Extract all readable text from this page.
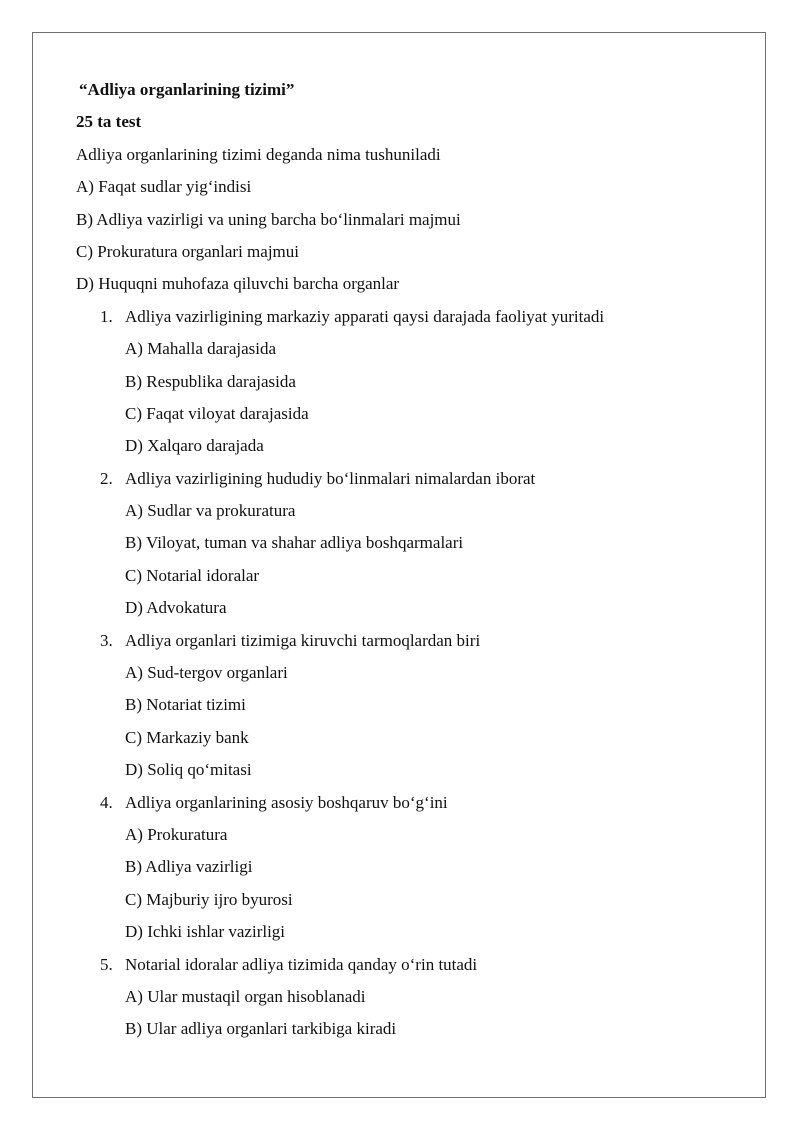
“Adliya organlarining tizimi”
25 ta test
Adliya organlarining tizimi deganda nima tushuniladi
A) Faqat sudlar yig‘indisi
B) Adliya vazirligi va uning barcha bo‘linmalari majmui
C) Prokuratura organlari majmui
D) Huquqni muhofaza qiluvchi barcha organlar
1. Adliya vazirligining markaziy apparati qaysi darajada faoliyat yuritadi
A) Mahalla darajasida
B) Respublika darajasida
C) Faqat viloyat darajasida
D) Xalqaro darajada
2. Adliya vazirligining hududiy bo‘linmalari nimalardan iborat
A) Sudlar va prokuratura
B) Viloyat, tuman va shahar adliya boshqarmalari
C) Notarial idoralar
D) Advokatura
3. Adliya organlari tizimiga kiruvchi tarmoqlardan biri
A) Sud-tergov organlari
B) Notariat tizimi
C) Markaziy bank
D) Soliq qo‘mitasi
4. Adliya organlarining asosiy boshqaruv bo‘g‘ini
A) Prokuratura
B) Adliya vazirligi
C) Majburiy ijro byurosi
D) Ichki ishlar vazirligi
5. Notarial idoralar adliya tizimida qanday o‘rin tutadi
A) Ular mustaqil organ hisoblanadi
B) Ular adliya organlari tarkibiga kiradi
